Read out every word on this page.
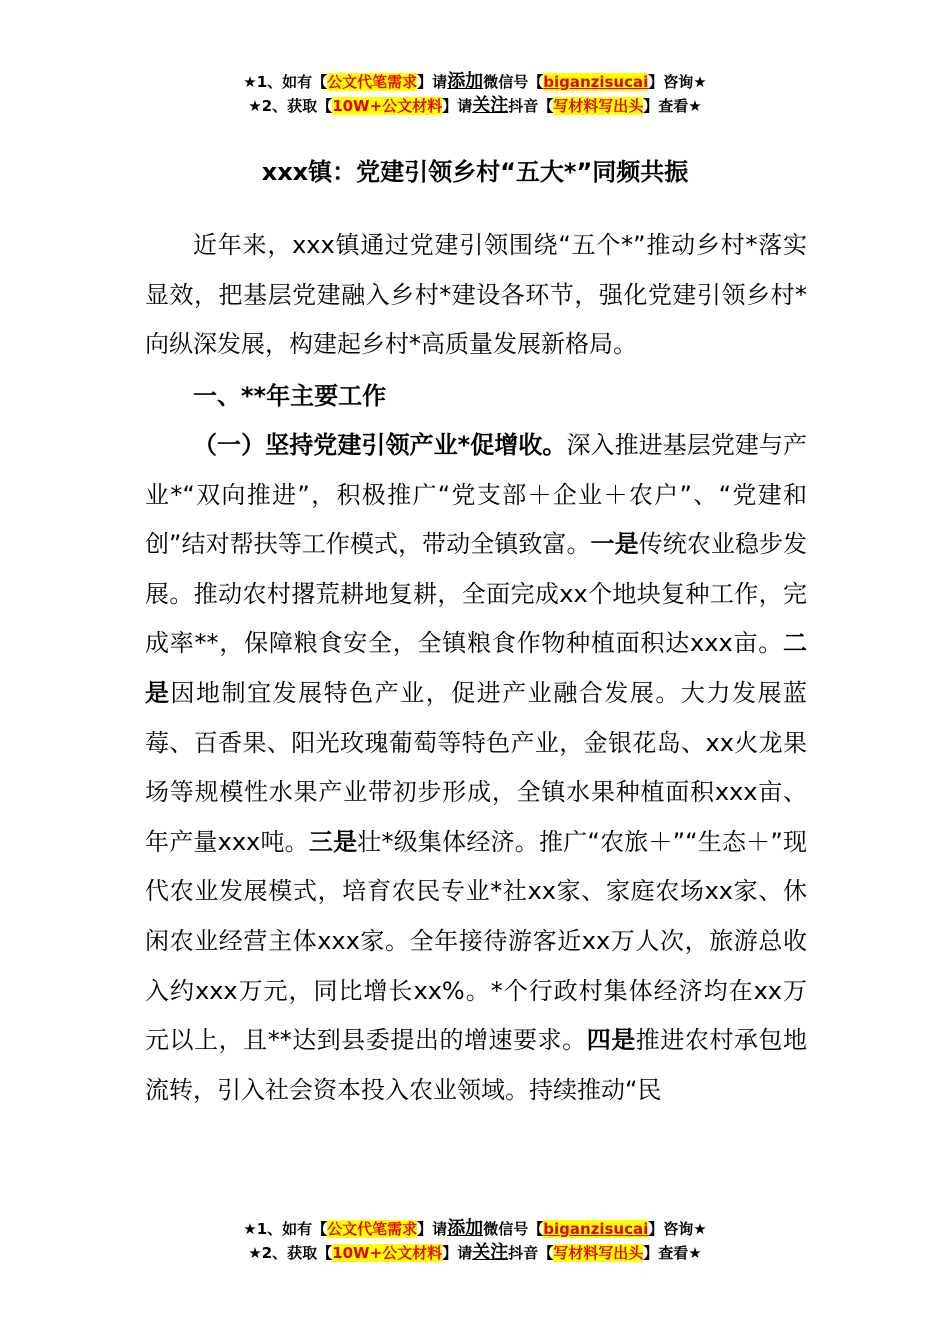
★1、如有【公文代笔需求】请添加微信号【biganzisucai】咨询★
★2、获取【10W+公文材料】请关注抖音【写材料写出头】查看★
xxx镇：党建引领乡村“五大*”同频共振

近年来，xxx镇通过党建引领围绕“五个*”推动乡村*落实显效，把基层党建融入乡村*建设各环节，强化党建引领乡村*向纵深发展，构建起乡村*高质量发展新格局。

一、**年主要工作

（一）坚持党建引领产业*促增收。深入推进基层党建与产业*“双向推进”，积极推广“党支部＋企业＋农户”、“党建和创”结对帮扶等工作模式，带动全镇致富。一是传统农业稳步发展。推动农村撂荒耕地复耕，全面完成xx个地块复种工作，完成率**，保障粮食安全，全镇粮食作物种植面积达xxx亩。二是因地制宜发展特色产业，促进产业融合发展。大力发展蓝莓、百香果、阳光玫瑰葡萄等特色产业，金银花岛、xx火龙果场等规模性水果产业带初步形成，全镇水果种植面积xxx亩、年产量xxx吨。三是壮*级集体经济。推广“农旅＋”“生态＋”现代农业发展模式，培育农民专业*社xx家、家庭农场xx家、休闲农业经营主体xxx家。全年接待游客近xx万人次，旅游总收入约xxx万元，同比增长xx%。*个行政村集体经济均在xx万元以上，且**达到县委提出的增速要求。四是推进农村承包地流转，引入社会资本投入农业领域。持续推动“民

★1、如有【公文代笔需求】请添加微信号【biganzisucai】咨询★
★2、获取【10W+公文材料】请关注抖音【写材料写出头】查看★
